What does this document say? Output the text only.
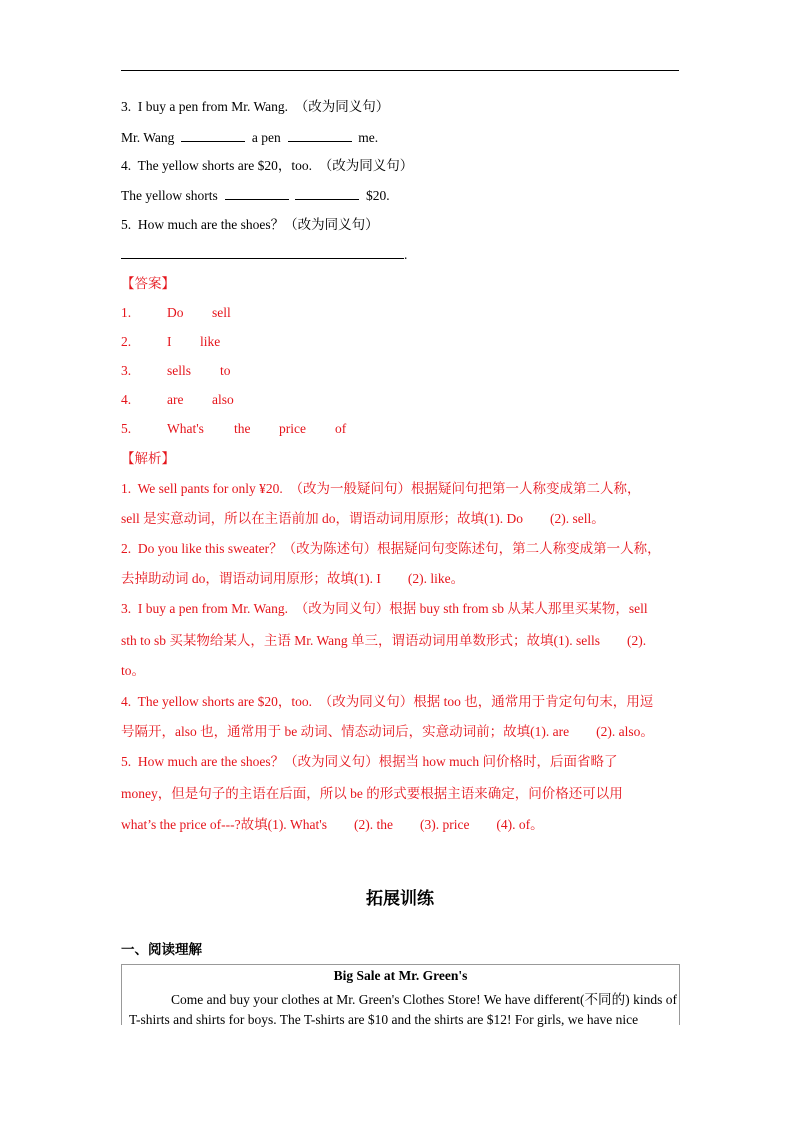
3.  I buy a pen from Mr. Wang.  （改为同义句）
Mr. Wang	a pen	me.
4.  The yellow shorts are $20，too.  （改为同义句）
The yellow shorts	$20.
5.  How much are the shoes？（改为同义句）
.
【答案】
1.	Do sell
2.	I like
3.	sells to
4.	are also
5.	What's the price of
【解析】
1.  We sell pants for only ¥20.  （改为一般疑问句）根据疑问句把第一人称变成第二人称，
sell 是实意动词，所以在主语前加 do，谓语动词用原形；故填(1). Do        (2). sell。
2.  Do you like this sweater？（改为陈述句）根据疑问句变陈述句，第二人称变成第一人称，
去掉助动词 do，谓语动词用原形；故填(1). I        (2). like。
3.  I buy a pen from Mr. Wang.  （改为同义句）根据 buy sth from sb 从某人那里买某物，sell
sth to sb 买某物给某人，主语 Mr. Wang 单三，谓语动词用单数形式；故填(1). sells        (2).
to。
4.  The yellow shorts are $20，too.  （改为同义句）根据 too 也，通常用于肯定句句末，用逗
号隔开，also 也，通常用于 be 动词、情态动词后，实意动词前；故填(1). are        (2). also。
5.  How much are the shoes？（改为同义句）根据当 how much 问价格时，后面省略了
money，但是句子的主语在后面，所以 be 的形式要根据主语来确定，问价格还可以用
what’s the price of---?故填(1). What's        (2). the        (3). price        (4). of。
拓展训练
一、阅读理解
Big Sale at Mr. Green's
Come and buy your clothes at Mr. Green's Clothes Store! We have different(不同的) kinds of T-shirts and shirts for boys. The T-shirts are $10 and the shirts are $12! For girls, we have nice
